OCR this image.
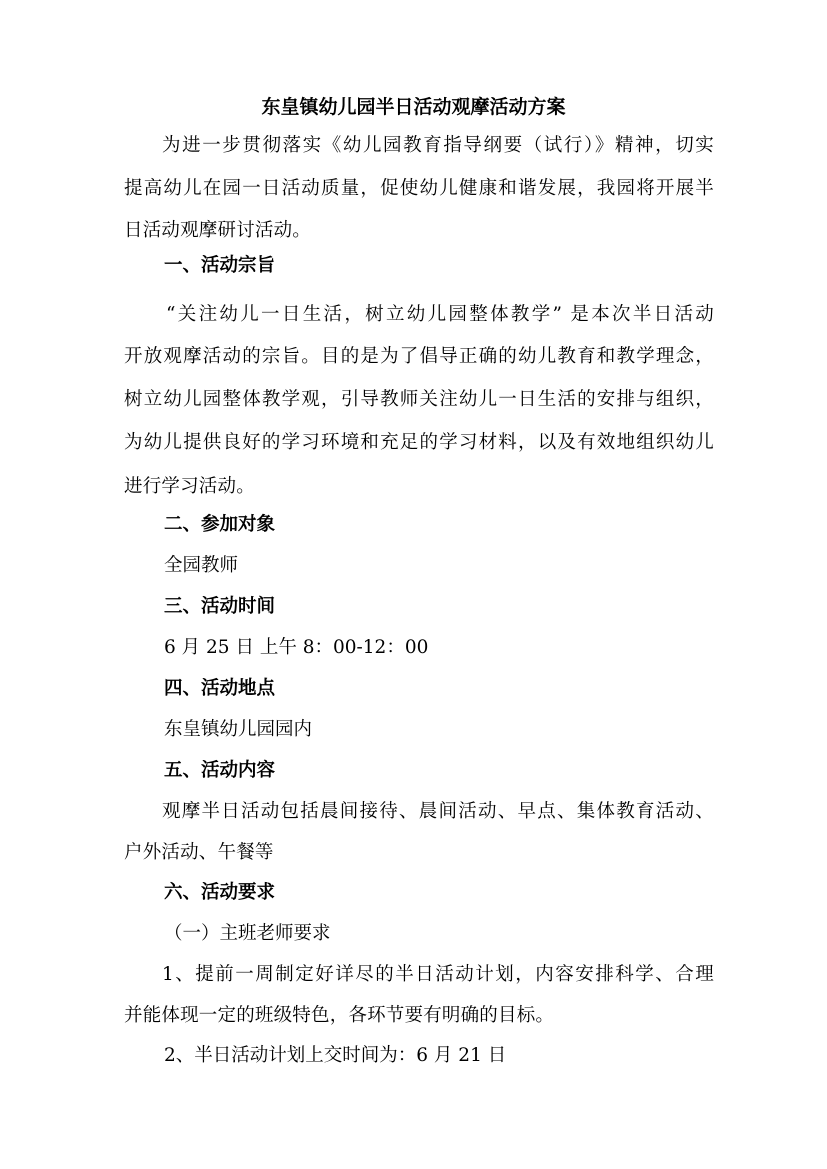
东皇镇幼儿园半日活动观摩活动方案

为进一步贯彻落实《幼儿园教育指导纲要（试行）》精神，切实

提高幼儿在园一日活动质量，促使幼儿健康和谐发展，我园将开展半

日活动观摩研讨活动。

一、活动宗旨

“关注幼儿一日生活，树立幼儿园整体教学” 是本次半日活动

开放观摩活动的宗旨。目的是为了倡导正确的幼儿教育和教学理念，

树立幼儿园整体教学观，引导教师关注幼儿一日生活的安排与组织，

为幼儿提供良好的学习环境和充足的学习材料，以及有效地组织幼儿

进行学习活动。

二、参加对象

全园教师

三、活动时间

6 月 25 日 上午 8：00-12：00

四、活动地点

东皇镇幼儿园园内

五、活动内容

观摩半日活动包括晨间接待、晨间活动、早点、集体教育活动、

户外活动、午餐等

六、活动要求

（一）主班老师要求

1、提前一周制定好详尽的半日活动计划，内容安排科学、合理

并能体现一定的班级特色，各环节要有明确的目标。

2、半日活动计划上交时间为：6 月 21 日
